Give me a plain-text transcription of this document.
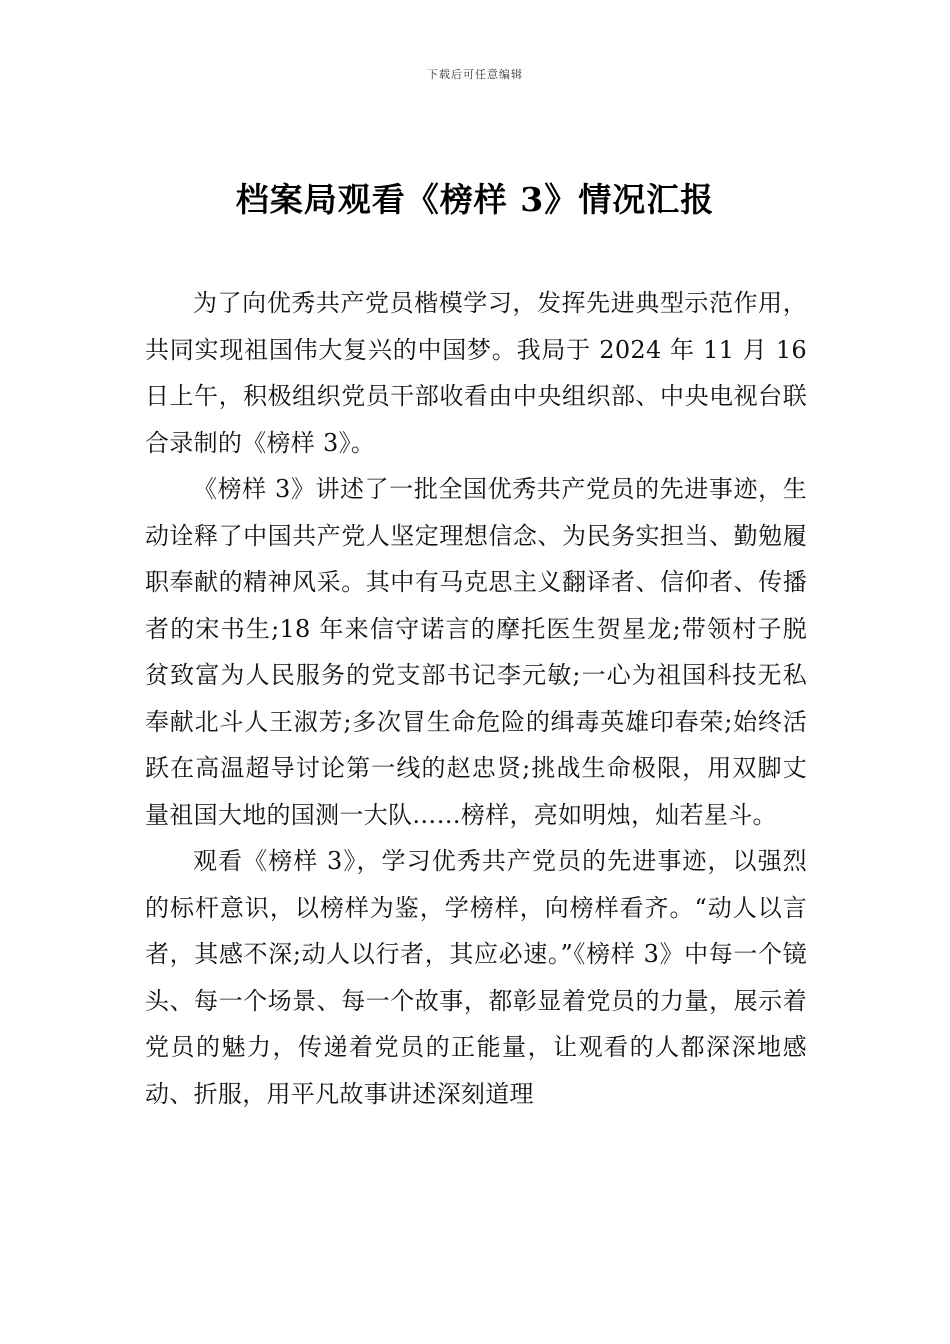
下载后可任意编辑
档案局观看《榜样 3》情况汇报

为了向优秀共产党员楷模学习，发挥先进典型示范作用，共同实现祖国伟大复兴的中国梦。我局于 2024 年 11 月 16 日上午，积极组织党员干部收看由中央组织部、中央电视台联合录制的《榜样 3》。

《榜样 3》讲述了一批全国优秀共产党员的先进事迹，生动诠释了中国共产党人坚定理想信念、为民务实担当、勤勉履职奉献的精神风采。其中有马克思主义翻译者、信仰者、传播者的宋书生;18 年来信守诺言的摩托医生贺星龙;带领村子脱贫致富为人民服务的党支部书记李元敏;一心为祖国科技无私奉献北斗人王淑芳;多次冒生命危险的缉毒英雄印春荣;始终活跃在高温超导讨论第一线的赵忠贤;挑战生命极限，用双脚丈量祖国大地的国测一大队……榜样，亮如明烛，灿若星斗。

观看《榜样 3》，学习优秀共产党员的先进事迹，以强烈的标杆意识，以榜样为鉴，学榜样，向榜样看齐。“动人以言者，其感不深;动人以行者，其应必速。”《榜样 3》中每一个镜头、每一个场景、每一个故事，都彰显着党员的力量，展示着党员的魅力，传递着党员的正能量，让观看的人都深深地感动、折服，用平凡故事讲述深刻道理
